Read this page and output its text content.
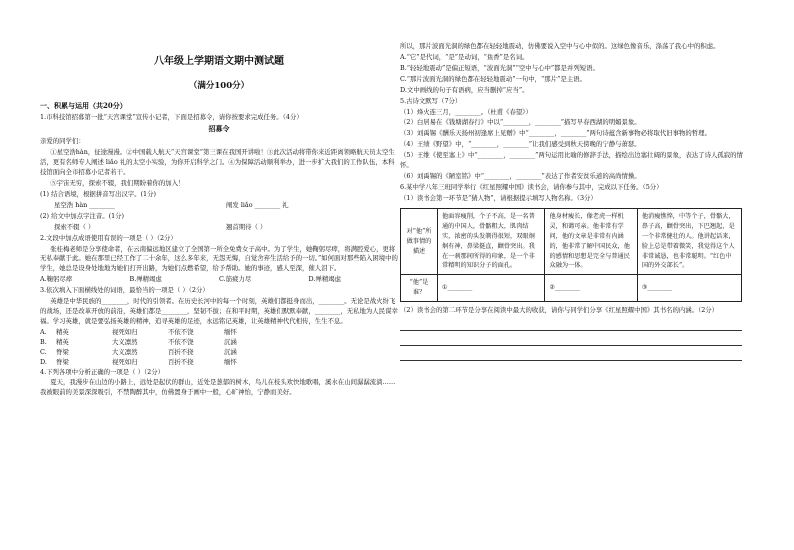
八年级上学期语文期中测试题
（满分100分）
一、积累与运用（共20分）

1.市科技馆招募第一批“天宫课堂”宣传小记者，下面是招募令，请你按要求完成任务。（4分）

招募令

亲爱的同学们：

①星空浩hàn，征途漫漫。②中国载人航天“天宫课堂”第三课在我国开讲啦！③此次活动将带你来近距离领略航天员太空生活，更有名师专人阐述 liǎo 礼的太空小实验，为你开启科学之门。④为保障活动顺利举办，进一步扩大我们的工作队伍，本科技馆面向全市招募小记者若干。

⑤宇宙无穷，探索不辍，我们期盼着你的加入！

(1) 结合语境，根据拼音写出汉字。(1分)

星空浩 hàn ________	阐发 liǎo ________ 礼

(2) 给文中加点字注音。(1分)

探索不辍（ ）	翘首期待（ ）

2.文段中加点成语使用有误的一项是（ ）（2分）

张桂梅老师是分享使命者，在云南偏远地区建立了全国第一所全免费女子高中。为了学生，她鞠躬尽瘁，将满腔爱心，更将无私奉献于此。她在那里已经工作了二十余年，这么多年来，无怨无悔，自觉舍弃生活给予的一切。”如何面对那些陷入困境中的学生，她总是设身处地地为她们打开出路，为她们点燃希望，给予帮助。她的事迹，感人至深，催人泪下。

A.鞠躬尽瘁	B.殚精竭虑	C.筋疲力尽	D.殚精竭虑

3.依次填入下面横线处的词语，最恰当的一项是（ ）（2分）

英雄是中华民族的________，时代的引领者。在历史长河中的每一个时刻，英雄们都挺身而出，________。无论是战火纷飞的战场，还是改革开放的前沿，英雄们都是________，坚韧不拔；在和平时期，英雄们默默奉献，________，无私地为人民谋幸福。学习英雄，就是要弘扬英雄的精神，追寻英雄的足迹，永远铭记英雄，让英雄精神代代相传，生生不息。

A.	精英	视死如归	不依不饶	缅怀
B.	精英	大义凛然	不依不饶	沉涵
C.	脊梁	大义凛然	百折不挠	沉涵
D.	脊梁	视死如归	百折不挠	缅怀

4.下列各项中分析正确的一项是（ ）（2分）

夏天，我漫步在山边的小路上，远处是起伏的群山，近处是葱郁的树木，鸟儿在枝头欢快地歌唱，溪水在山间潺潺流淌……我被眼前的美景深深吸引，不禁陶醉其中，仿佛置身于画中一般，心旷神怡，宁静而美好。

所以，那片波面光洞的绿色都在轻轻地震动，仿佛要说入空中与心中似的。这绿色像音乐，涤荡了我心中的积虑。

A.“它”是代词，“是”是动词，“鱼香”是名词。

B.“轻轻地震动”是偏正短语，“波面光洞”“空中与心中”都是并列短语。

C.“那片波面光洞的绿色都在轻轻地震动”一句中，“那片”是主语。

D.文中画线的句子有语病，应当删掉“应当”。

5.古诗文默写（7分）

（1）烽火连三月，________。（杜甫《春望》）

（2）白居易在《钱塘湖春行》中以“________，________”描写早春西湖的明媚景象。

（3）刘禹锡《酬乐天扬州初逢席上见赠》中“________，________”两句诗蕴含新事物必将取代旧事物的哲理。

（4）王绩《野望》中，“________，________”让我们感受到秋天傍晚的宁静与萧瑟。

（5）王维《使至塞上》中“________，________”两句运用比喻的修辞手法，描绘出边塞壮阔的景象，表达了诗人孤寂的情怀。

（6）刘禹锡的《陋室铭》中“________，________”表达了作者安贫乐道的高尚情操。

6.某中学八年三班同学举行《红星照耀中国》读书会，请你参与其中，完成以下任务。（5分）

（1）读书会第一环节是“猜人物”，请根据提示填写人物名称。（3分）

对“他”所做事情的描述	他面容瘦削，个子不高，是一名普通的中国人，骨骼粗大，肌肉结实，浓密的头发剃得很短，双眼炯炯有神，鼻梁挺直，颧骨突出。我在一刹那间所得的印象，是一个非常精明的知识分子的面孔。	他身材瘦长，像老虎一样机灵，和蔼可亲。他非常有学问，他的文章是非常有内涵的，他非常了解中国民众，他的感情和思想是完全与普通民众融为一体。	他消瘦憔悴，中等个子，骨骼大，鼻子高，颧骨突出，下巴翘起，是一个非常健壮的人。他讲起话来，脸上总是带着微笑，我觉得这个人非常诚恳，也非常聪明。“红色中国的外交部长”。
“他”是谁？	①________	②________	③________

（2）读书会的第二环节是分享在阅读中最大的收获，请你与同学们分享《红星照耀中国》其书名的内涵。（2分）
